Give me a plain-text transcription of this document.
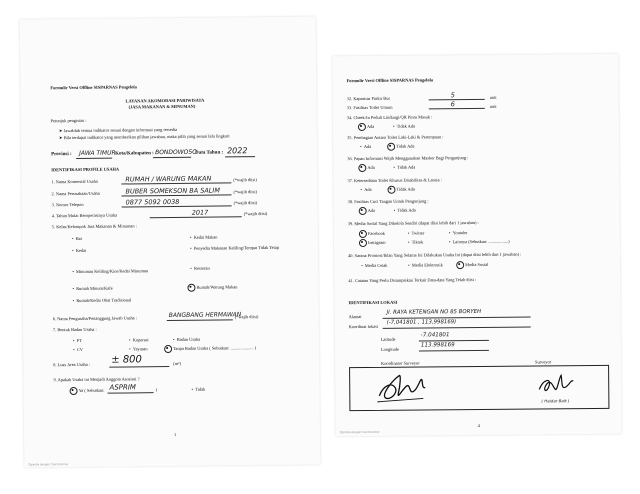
Formulir Versi Offline SISPARNAS Pengelola
LAYANAN AKOMODASI PARIWISATA
(JASA MAKANAN & MINUMAN)
Petunjuk pengisian :
➤ Jawablah semua indikator sesuai dengan informasi yang tersedia
➤ Bila terdapat indikator yang memberikan pilihan jawaban, maka pilih yang sesuai lalu lingkari
Provinsi : JAWA TIMUR Kota/Kabupaten : BONDOWOSO
Data Tahun : 2022
IDENTIFIKASI PROFILE USAHA
1. Nama Komersial Usaha	RUMAH / WARUNG MAKAN	(*wajib diisi)
2. Nama Perusahaan/Usaha	BUBER SOMEKSON BA SALIM	(*wajib diisi)
3. Nomor Telepon	0877 5092 0038	(*wajib diisi)
4. Tahun Mulai Beroperasinya Usaha	2017	(*wajib diisi)
5. Kelas/Kelompok Jasa Makanan & Minuman :
•  Bar
•  Kedai
•  Minuman Keliling/Kios/Kedai Minuman
•  Rumah Minum/Kafe
•  Rumah/Kedai Obat Tradisional
•  Kedai Makan
•  Penyedia Makanan Keliling/Tempat Tidak Tetap
•  Restoran
Rumah/Warung Makan
6. Nama Pengusaha/Penanggung Jawab Usaha :	BANGBANG HERMAWAN
(*wajib diisi)
7. Bentuk Badan Usaha :
•  PT	•  Koperasi	•  Badan Usaha
•  CV	•  Yayasan	Tanpa Badan Usaha ( Sebutkan: ..................... )
8. Luas Area Usaha : ± 800	(m²)
9. Apakah Usaha ini Menjadi Anggota Asosiasi ?
Ya ( Sebutkan: ASPRIM	)	•  Tidak
1
Dipindai dengan CamScanner
Formulir Versi Offline SISPARNAS Pengelola
32. Kapasitas Parkir Bus	5	unit
33. Fasilitas Toilet Umum	6	unit
34. Cheek-In Peduli Lindungi/QR Pintu Masuk :
Ada	•  Tidak Ada
35. Pembagian Antara Toilet Laki-Laki & Perempuan :
•  Ada	Tidak Ada
36. Papan Informasi Wajib Menggunakan Masker Bagi Pengunjung :
Ada	•  Tidak Ada
37. Ketersediaan Toilet Khusus Disabilitas & Lansia :
•  Ada	Tidak Ada
38. Fasilitas Cuci Tangan Untuk Pengunjung :
Ada	•  Tidak Ada
39. Media Sosial Yang Dikelola Sendiri (dapat diisi lebih dari 1 jawaban) :
Facebook	•  Twitter	•  Youtube
Instagram	•  Tiktok	•  Lainnya (Sebutkan: ..................)
40. Sarana Promosi/Iklan Yang Selama Ini Dilakukan Usaha Ini (dapat diisi lebih dari 1 jawaban) :
•  Media Cetak	•  Media Elektronik	Media Sosial
41. Catatan Yang Perlu Disampaikan Terkait Data-data Yang Telah diisi :
IDENTIFIKASI LOKASI
Alamat
Jl. RAYA KETENGAN NO 85 BORYEH
Koordinat lokasi
(-7,041801 , 113,998169)
Latitude
-7.041801
Longitude
113.998169
Koordinator Surveyor	Surveyor
( Haidar Bait )
4
Dipindai dengan CamScanner
